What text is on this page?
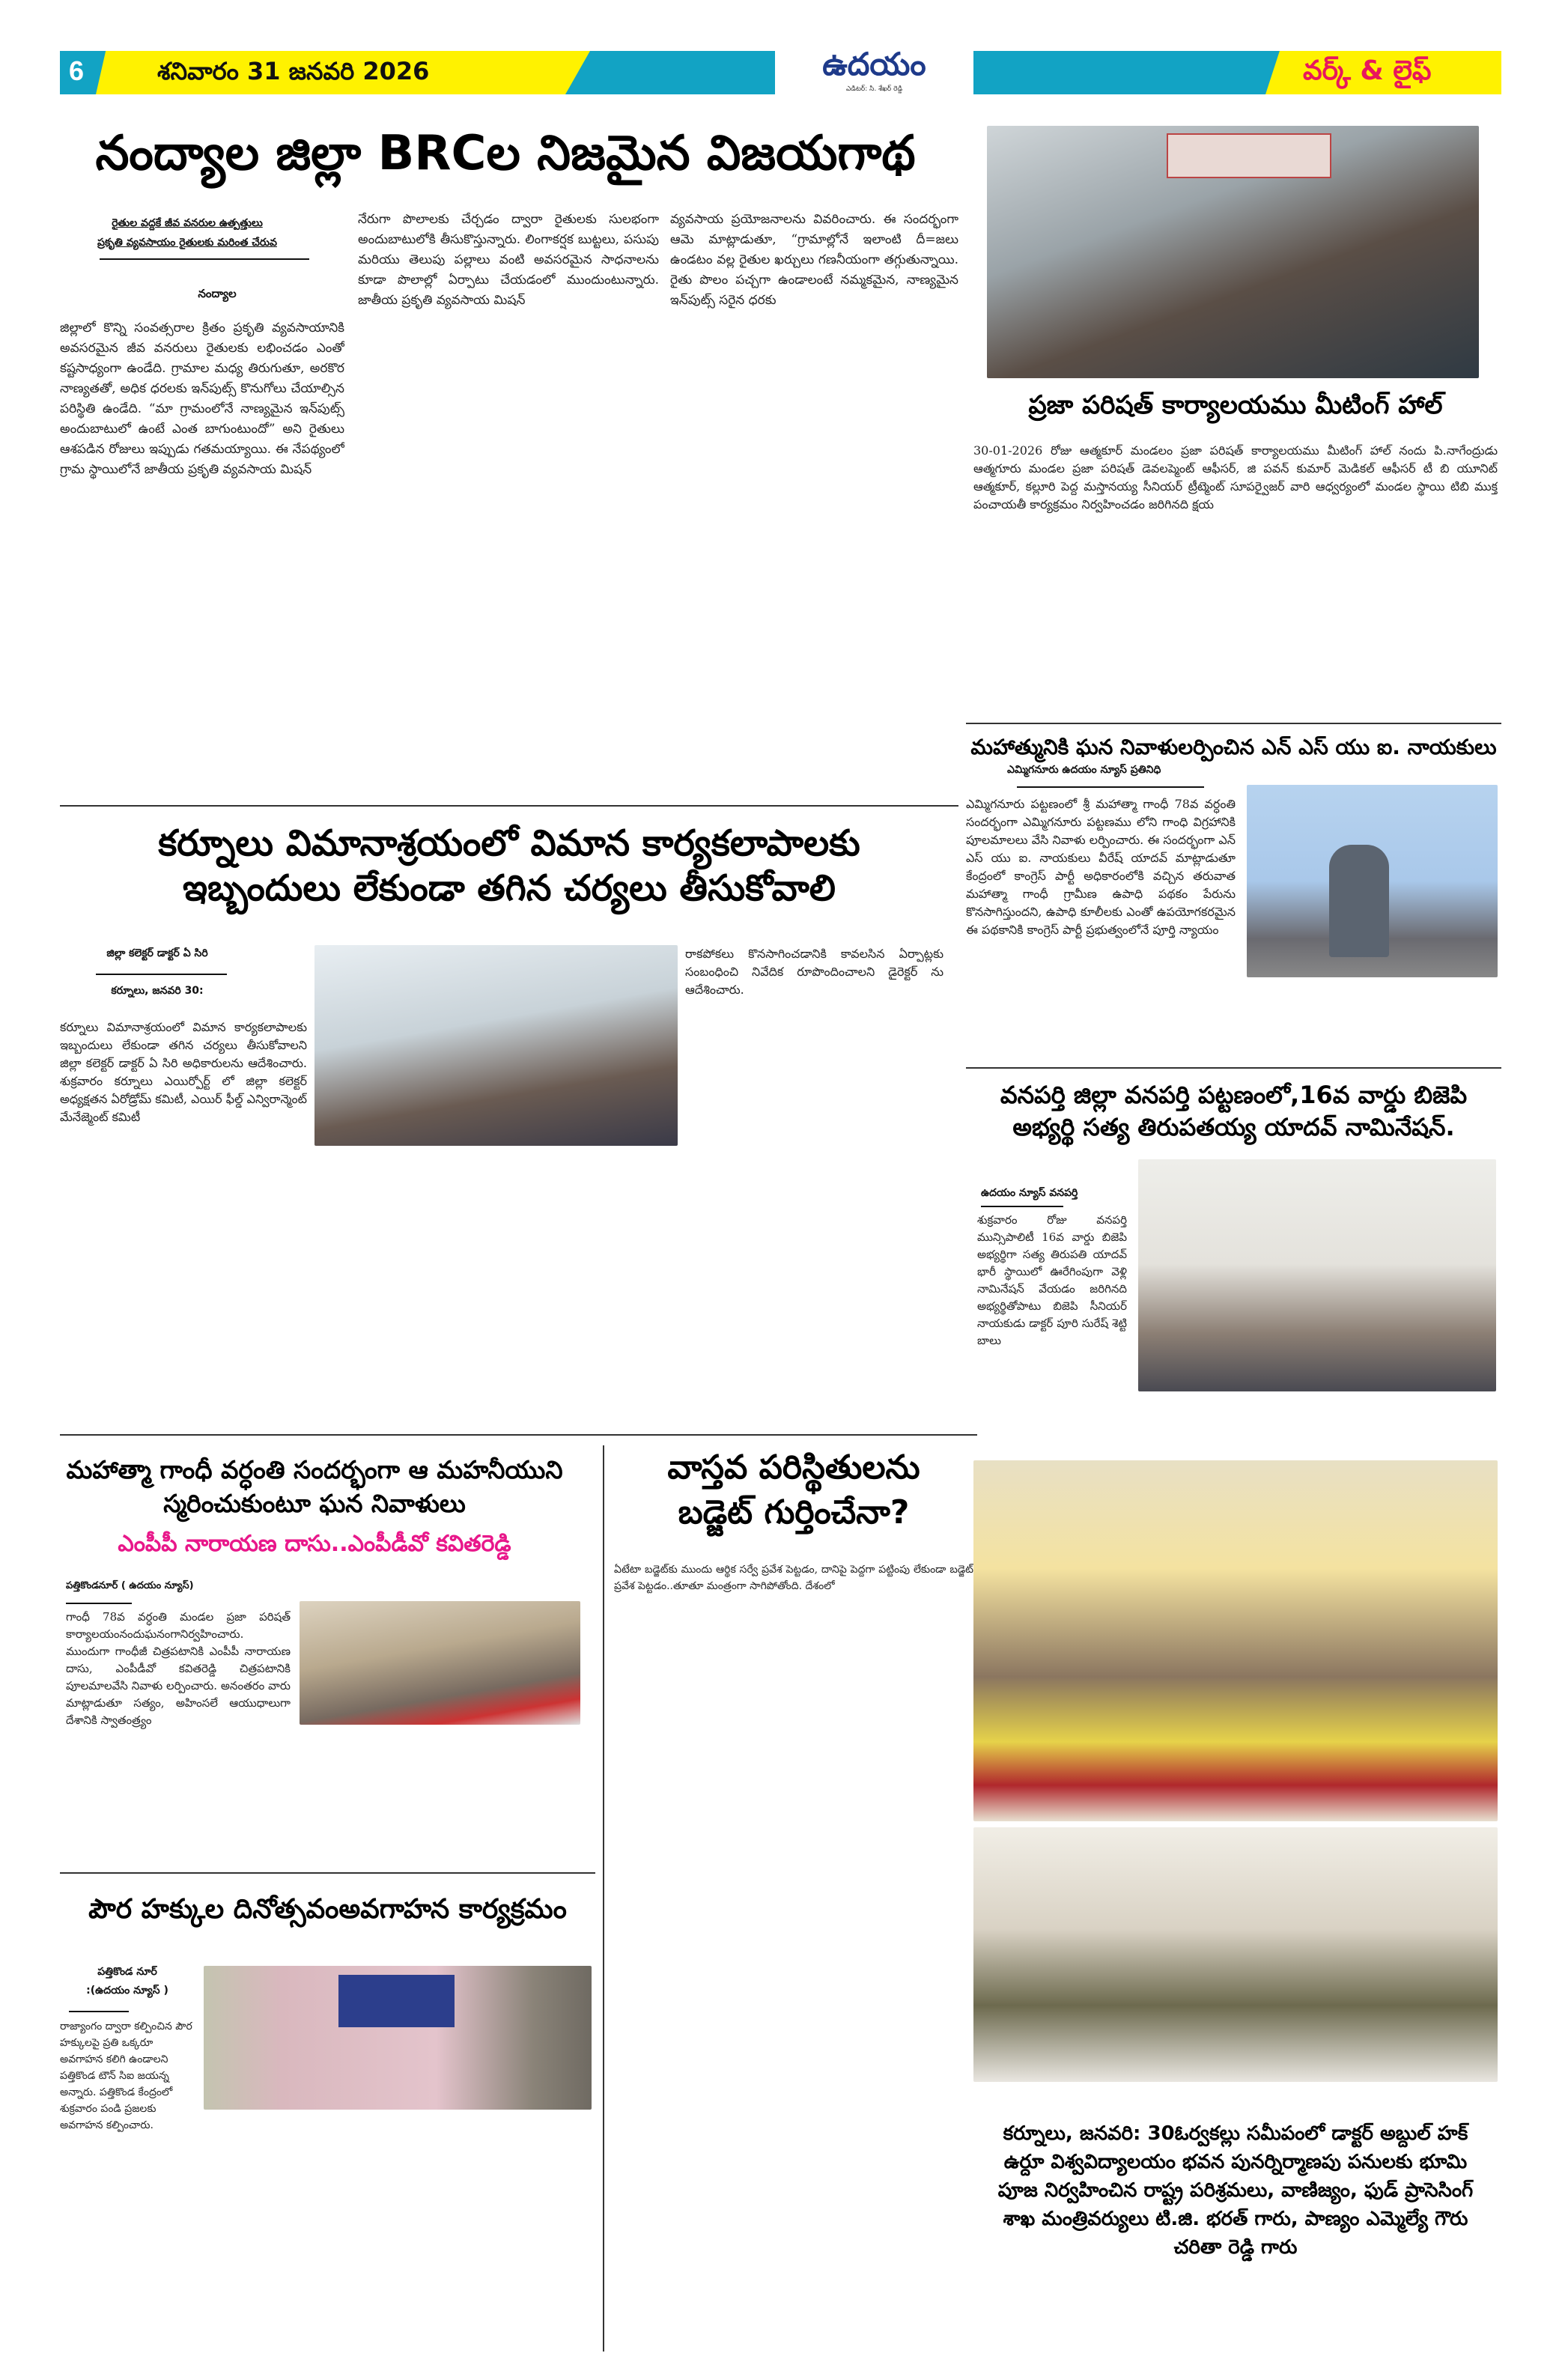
6	శనివారం 31 జనవరి 2026	ఉదయం
ఎడిటర్: సి. శేఖర్ రెడ్డి
వర్క్ & లైఫ్
నంద్యాల జిల్లా BRCల నిజమైన విజయగాథ
రైతుల వద్దకే జీవ వనరుల ఉత్పత్తులు
ప్రకృతి వ్యవసాయం రైతులకు మరింత చేరువ
నంద్యాల
జిల్లాలో కొన్ని సంవత్సరాల క్రితం ప్రకృతి వ్యవసాయానికి అవసరమైన జీవ వనరులు రైతులకు లభించడం ఎంతో కష్టసాధ్యంగా ఉండేది. గ్రామాల మధ్య తిరుగుతూ, అరకొర నాణ్యతతో, అధిక ధరలకు ఇన్‌పుట్స్ కొనుగోలు చేయాల్సిన పరిస్థితి ఉండేది. “మా గ్రామంలోనే నాణ్యమైన ఇన్‌పుట్స్ అందుబాటులో ఉంటే ఎంత బాగుంటుందో” అని రైతులు ఆశపడిన రోజులు ఇప్పుడు గతమయ్యాయి. ఈ నేపథ్యంలో గ్రామ స్థాయిలోనే జాతీయ ప్రకృతి వ్యవసాయ మిషన్
నేరుగా పొలాలకు చేర్చడం ద్వారా రైతులకు సులభంగా అందుబాటులోకి తీసుకొస్తున్నారు. లింగాకర్షక బుట్టలు, పసుపు మరియు తెలుపు పల్లాలు వంటి అవసరమైన సాధనాలను కూడా పొలాల్లో ఏర్పాటు చేయడంలో ముందుంటున్నారు. జాతీయ ప్రకృతి వ్యవసాయ మిషన్
వ్యవసాయ ప్రయోజనాలను వివరించారు. ఈ సందర్భంగా ఆమె మాట్లాడుతూ, “గ్రామాల్లోనే ఇలాంటి దీ=జలు ఉండటం వల్ల రైతుల ఖర్చులు గణనీయంగా తగ్గుతున్నాయి. రైతు పొలం పచ్చగా ఉండాలంటే నమ్మకమైన, నాణ్యమైన ఇన్‌పుట్స్ సరైన ధరకు
ప్రజా పరిషత్ కార్యాలయము మీటింగ్ హాల్
30-01-2026 రోజు ఆత్మకూర్ మండలం ప్రజా పరిషత్ కార్యాలయము మీటింగ్ హాల్ నందు పి.నాగేంద్రుడు ఆత్మగూరు మండల ప్రజా పరిషత్ డెవలప్మెంట్ ఆఫీసర్, జి పవన్ కుమార్ మెడికల్ ఆఫీసర్ టీ బి యూనిట్ ఆత్మకూర్, కల్లూరి పెద్ద మస్తానయ్య సీనియర్ ట్రీట్మెంట్ సూపర్వైజర్ వారి ఆధ్వర్యంలో మండల స్థాయి టిబి ముక్త పంచాయతీ కార్యక్రమం నిర్వహించడం జరిగినది క్షయ
మహాత్మునికి ఘన నివాళులర్పించిన ఎన్ ఎస్ యు ఐ. నాయకులు
ఎమ్మిగనూరు ఉదయం న్యూస్ ప్రతినిధి
ఎమ్మిగనూరు పట్టణంలో శ్రీ మహాత్మా గాంధీ 78వ వర్ధంతి సందర్భంగా ఎమ్మిగనూరు పట్టణము లోని గాంధి విగ్రహానికి పూలమాలలు వేసి నివాళు లర్పించారు. ఈ సందర్భంగా ఎన్ ఎస్ యు ఐ. నాయకులు వీరేష్ యాదవ్ మాట్లాడుతూ కేంద్రంలో కాంగ్రెస్ పార్టీ అధికారంలోకి వచ్చిన తరువాత మహాత్మా గాంధీ గ్రామీణ ఉపాధి పథకం పేరును కొనసాగిస్తుందని, ఉపాధి కూలీలకు ఎంతో ఉపయోగకరమైన ఈ పథకానికి కాంగ్రెస్ పార్టీ ప్రభుత్వంలోనే పూర్తి న్యాయం
కర్నూలు విమానాశ్రయంలో విమాన కార్యకలాపాలకు
ఇబ్బందులు లేకుండా తగిన చర్యలు తీసుకోవాలి
జిల్లా కలెక్టర్ డాక్టర్ ఏ సిరి
కర్నూలు, జనవరి 30:
కర్నూలు విమానాశ్రయంలో విమాన కార్యకలాపాలకు ఇబ్బందులు లేకుండా తగిన చర్యలు తీసుకోవాలని జిల్లా కలెక్టర్ డాక్టర్ ఏ సిరి అధికారులను ఆదేశించారు. శుక్రవారం కర్నూలు ఎయిర్పోర్ట్ లో జిల్లా కలెక్టర్ అధ్యక్షతన ఏరోడ్రోమ్ కమిటీ, ఎయిర్ ఫీల్డ్ ఎన్విరాన్మెంట్ మేనేజ్మెంట్ కమిటీ
రాకపోకలు కొనసాగించడానికి కావలసిన ఏర్పాట్లకు సంబంధించి నివేదిక రూపొందించాలని డైరెక్టర్ ను ఆదేశించారు.
వనపర్తి జిల్లా వనపర్తి పట్టణంలో,16వ వార్డు బిజెపి
అభ్యర్థి సత్య తిరుపతయ్య యాదవ్ నామినేషన్.
ఉదయం న్యూస్ వనపర్తి
శుక్రవారం రోజు వనపర్తి మున్సిపాలిటీ 16వ వార్డు బిజెపి అభ్యర్థిగా సత్య తిరుపతి యాదవ్ భారీ స్థాయిలో ఊరేగింపుగా వెళ్లి నామినేషన్ వేయడం జరిగినది అభ్యర్థితోపాటు బిజెపి సీనియర్ నాయకుడు డాక్టర్ పూరి సురేష్ శెట్టి బాలు
మహాత్మా గాంధీ వర్ధంతి సందర్భంగా ఆ మహనీయుని
స్మరించుకుంటూ ఘన నివాళులు
ఎంపీపీ నారాయణ దాసు..ఎంపీడీవో కవితరెడ్డి
పత్తికొండనూర్ ( ఉదయం న్యూస్)
గాంధీ 78వ వర్ధంతి మండల ప్రజా పరిషత్ కార్యాలయంనందుఘనంగానిర్వహించారు. ముందుగా గాంధీజీ చిత్రపటానికి ఎంపీపీ నారాయణ దాసు, ఎంపీడీవో కవితరెడ్డి చిత్రపటానికి పూలమాలవేసి నివాళు లర్పించారు. అనంతరం వారు మాట్లాడుతూ సత్యం, అహింసలే ఆయుధాలుగా దేశానికి స్వాతంత్ర్యం
వాస్తవ పరిస్థితులను
బడ్జెట్ గుర్తించేనా?
ఏటేటా బడ్జెట్‌కు ముందు ఆర్థిక సర్వే ప్రవేశ పెట్టడం, దానిపై పెద్దగా పట్టింపు లేకుండా బడ్జెట్ ప్రవేశ పెట్టడం..తూతూ మంత్రంగా సాగిపోతోంది. దేశంలో
పౌర హక్కుల దినోత్సవంఅవగాహన కార్యక్రమం
పత్తికొండ నూర్
:(ఉదయం న్యూస్ )
రాజ్యాంగం ద్వారా కల్పించిన పౌర హక్కులపై ప్రతి ఒక్కరూ అవగాహన కలిగి ఉండాలని పత్తికొండ టౌన్ సిఐ జయన్న అన్నారు. పత్తికొండ కేంద్రంలో శుక్రవారం పండి ప్రజలకు అవగాహన కల్పించారు.	కర్నూలు, జనవరి: 30ఓర్వకల్లు సమీపంలో డాక్టర్ అబ్దుల్ హక్ ఉర్దూ విశ్వవిద్యాలయం భవన పునర్నిర్మాణపు పనులకు భూమి పూజ నిర్వహించిన రాష్ట్ర పరిశ్రమలు, వాణిజ్యం, ఫుడ్ ప్రాసెసింగ్ శాఖ మంత్రివర్యులు టి.జి. భరత్ గారు, పాణ్యం ఎమ్మెల్యే గౌరు చరితా రెడ్డి గారు
